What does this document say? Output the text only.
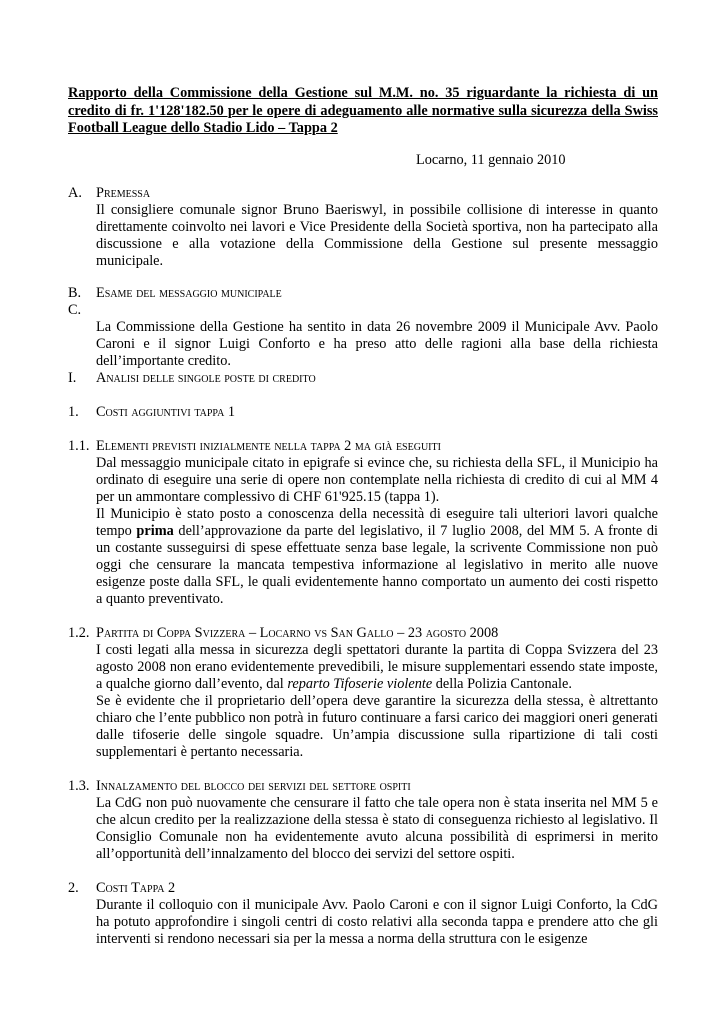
Rapporto della Commissione della Gestione sul M.M. no. 35 riguardante la richiesta di un credito di fr. 1'128'182.50 per le opere di adeguamento alle normative sulla sicurezza della Swiss Football League dello Stadio Lido – Tappa 2
Locarno, 11 gennaio 2010
A. Premessa

Il consigliere comunale signor Bruno Baeriswyl, in possibile collisione di interesse in quanto direttamente coinvolto nei lavori e Vice Presidente della Società sportiva, non ha partecipato alla discussione e alla votazione della Commissione della Gestione sul presente messaggio municipale.

B.	Esame del messaggio municipale
C.

La Commissione della Gestione ha sentito in data 26 novembre 2009 il Municipale Avv. Paolo Caroni e il signor Luigi Conforto e ha preso atto delle ragioni alla base della richiesta dell’importante credito.

I.	Analisi delle singole poste di credito
1.	Costi aggiuntivi tappa 1
1.1. Elementi previsti inizialmente nella tappa 2 ma già eseguiti

Dal messaggio municipale citato in epigrafe si evince che, su richiesta della SFL, il Municipio ha ordinato di eseguire una serie di opere non contemplate nella richiesta di credito di cui al MM 4 per un ammontare complessivo di CHF 61'925.15 (tappa 1).

Il Municipio è stato posto a conoscenza della necessità di eseguire tali ulteriori lavori qualche tempo prima dell’approvazione da parte del legislativo, il 7 luglio 2008, del MM 5. A fronte di un costante susseguirsi di spese effettuate senza base legale, la scrivente Commissione non può oggi che censurare la mancata tempestiva informazione al legislativo in merito alle nuove esigenze poste dalla SFL, le quali evidentemente hanno comportato un aumento dei costi rispetto a quanto preventivato.

1.2. Partita di Coppa Svizzera – Locarno vs San Gallo – 23 agosto 2008

I costi legati alla messa in sicurezza degli spettatori durante la partita di Coppa Svizzera del 23 agosto 2008 non erano evidentemente prevedibili, le misure supplementari essendo state imposte, a qualche giorno dall’evento, dal reparto Tifoserie violente della Polizia Cantonale.

Se è evidente che il proprietario dell’opera deve garantire la sicurezza della stessa, è altrettanto chiaro che l’ente pubblico non potrà in futuro continuare a farsi carico dei maggiori oneri generati dalle tifoserie delle singole squadre. Un’ampia discussione sulla ripartizione di tali costi supplementari è pertanto necessaria.

1.3. Innalzamento del blocco dei servizi del settore ospiti

La CdG non può nuovamente che censurare il fatto che tale opera non è stata inserita nel MM 5 e che alcun credito per la realizzazione della stessa è stato di conseguenza richiesto al legislativo. Il Consiglio Comunale non ha evidentemente avuto alcuna possibilità di esprimersi in merito all’opportunità dell’innalzamento del blocco dei servizi del settore ospiti.

2.	Costi Tappa 2

Durante il colloquio con il municipale Avv. Paolo Caroni e con il signor Luigi Conforto, la CdG ha potuto approfondire i singoli centri di costo relativi alla seconda tappa e prendere atto che gli interventi si rendono necessari sia per la messa a norma della struttura con le esigenze
